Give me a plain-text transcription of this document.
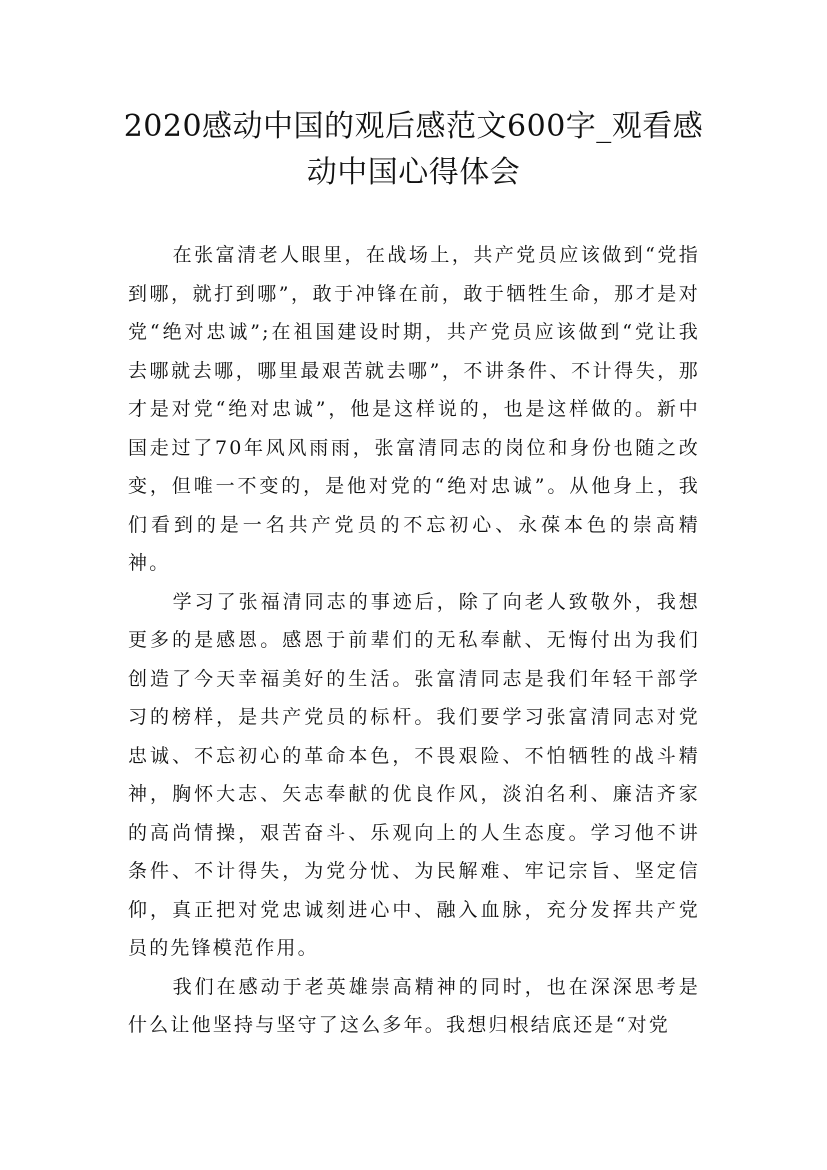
2020感动中国的观后感范文600字_观看感
动中国心得体会

在张富清老人眼里，在战场上，共产党员应该做到“党指到哪，就打到哪”，敢于冲锋在前，敢于牺牲生命，那才是对党“绝对忠诚”;在祖国建设时期，共产党员应该做到“党让我去哪就去哪，哪里最艰苦就去哪”，不讲条件、不计得失，那才是对党“绝对忠诚”，他是这样说的，也是这样做的。新中国走过了70年风风雨雨，张富清同志的岗位和身份也随之改变，但唯一不变的，是他对党的“绝对忠诚”。从他身上，我们看到的是一名共产党员的不忘初心、永葆本色的崇高精神。

学习了张福清同志的事迹后，除了向老人致敬外，我想更多的是感恩。感恩于前辈们的无私奉献、无悔付出为我们创造了今天幸福美好的生活。张富清同志是我们年轻干部学习的榜样，是共产党员的标杆。我们要学习张富清同志对党忠诚、不忘初心的革命本色，不畏艰险、不怕牺牲的战斗精神，胸怀大志、矢志奉献的优良作风，淡泊名利、廉洁齐家的高尚情操，艰苦奋斗、乐观向上的人生态度。学习他不讲条件、不计得失，为党分忧、为民解难、牢记宗旨、坚定信仰，真正把对党忠诚刻进心中、融入血脉，充分发挥共产党员的先锋模范作用。

我们在感动于老英雄崇高精神的同时，也在深深思考是什么让他坚持与坚守了这么多年。我想归根结底还是“对党
